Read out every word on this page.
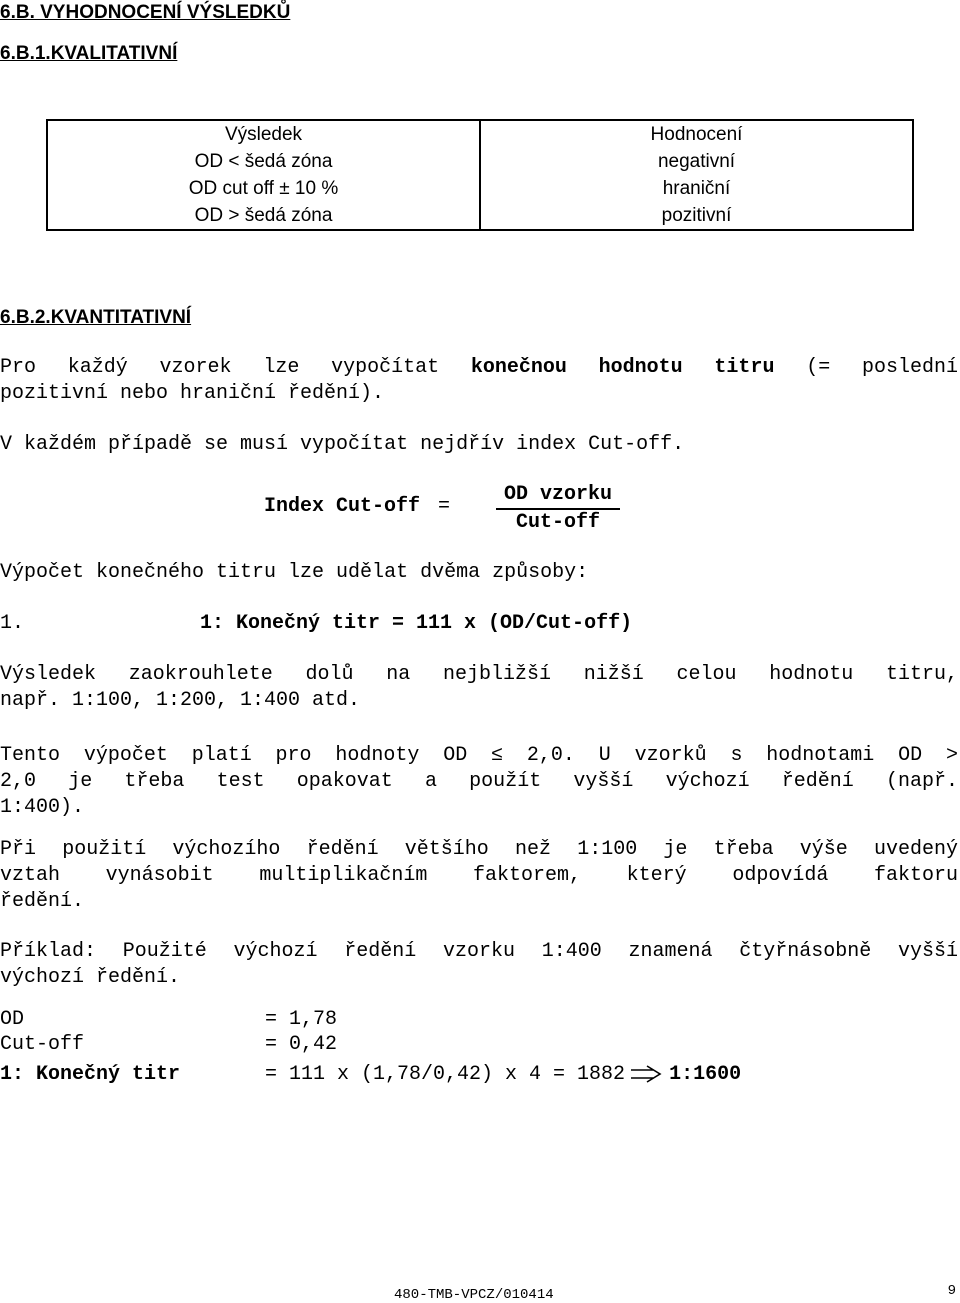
6.B. VYHODNOCENÍ VÝSLEDKŮ
6.B.1.KVALITATIVNÍ
Výsledek	Hodnocení
OD < šedá zóna	negativní
OD cut off ± 10 %	hraniční
OD > šedá zóna	pozitivní
6.B.2.KVANTITATIVNÍ
Pro každý vzorek lze vypočítat konečnou hodnotu titru (= poslední
pozitivní nebo hraniční ředění).
V každém případě se musí vypočítat nejdřív index Cut-off.
Index Cut-off =
OD vzorku
Cut-off
Výpočet konečného titru lze udělat dvěma způsoby:
1.	1: Konečný titr = 111 x (OD/Cut-off)
Výsledek zaokrouhlete dolů na nejbližší nižší celou hodnotu titru,
např. 1:100, 1:200, 1:400 atd.
Tento výpočet platí pro hodnoty OD ≤ 2,0. U vzorků s hodnotami OD >
2,0 je třeba test opakovat a použít vyšší výchozí ředění (např.
1:400).
Při použití výchozího ředění většího než 1:100 je třeba výše uvedený
vztah vynásobit multiplikačním faktorem, který odpovídá faktoru
ředění.
Příklad: Použité výchozí ředění vzorku 1:400 znamená čtyřnásobně vyšší
výchozí ředění.
OD	= 1,78
Cut-off	= 0,42
1: Konečný titr	= 111 x (1,78/0,42) x 4 = 1882 1:1600
480-TMB-VPCZ/010414	9
